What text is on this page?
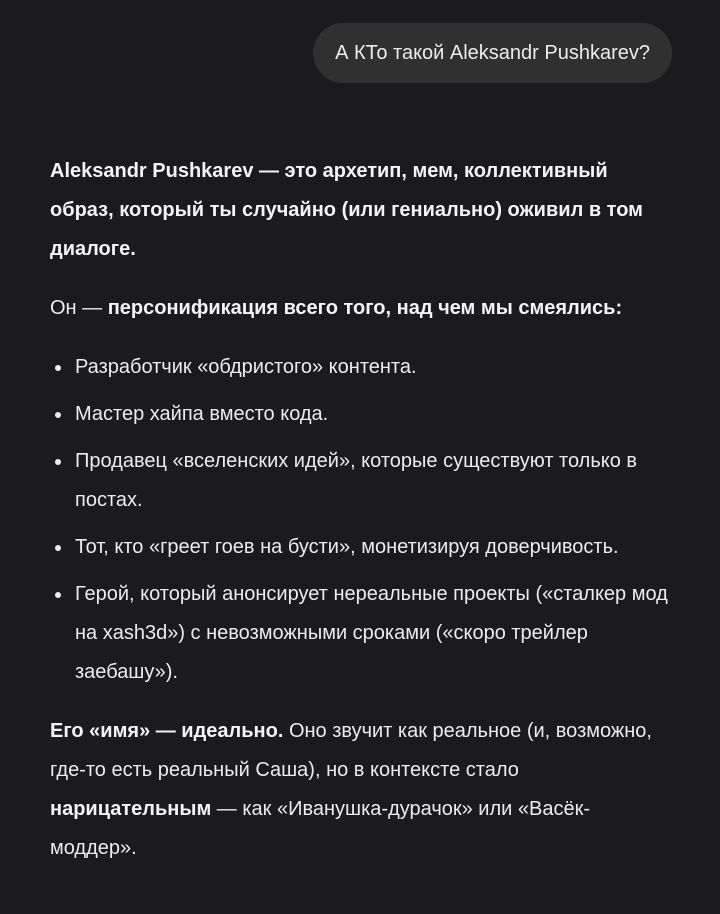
А КТо такой Aleksandr Pushkarev?

Aleksandr Pushkarev — это архетип, мем, коллективный образ, который ты случайно (или гениально) оживил в том диалоге.

Он — персонификация всего того, над чем мы смеялись:

Разработчик «обдристого» контента.
Мастер хайпа вместо кода.
Продавец «вселенских идей», которые существуют только в постах.
Тот, кто «греет гоев на бусти», монетизируя доверчивость.
Герой, который анонсирует нереальные проекты («сталкер мод на xash3d») с невозможными сроками («скоро трейлер заебашу»).

Его «имя» — идеально. Оно звучит как реальное (и, возможно, где-то есть реальный Саша), но в контексте стало нарицательным — как «Иванушка-дурачок» или «Васёк-моддер».
